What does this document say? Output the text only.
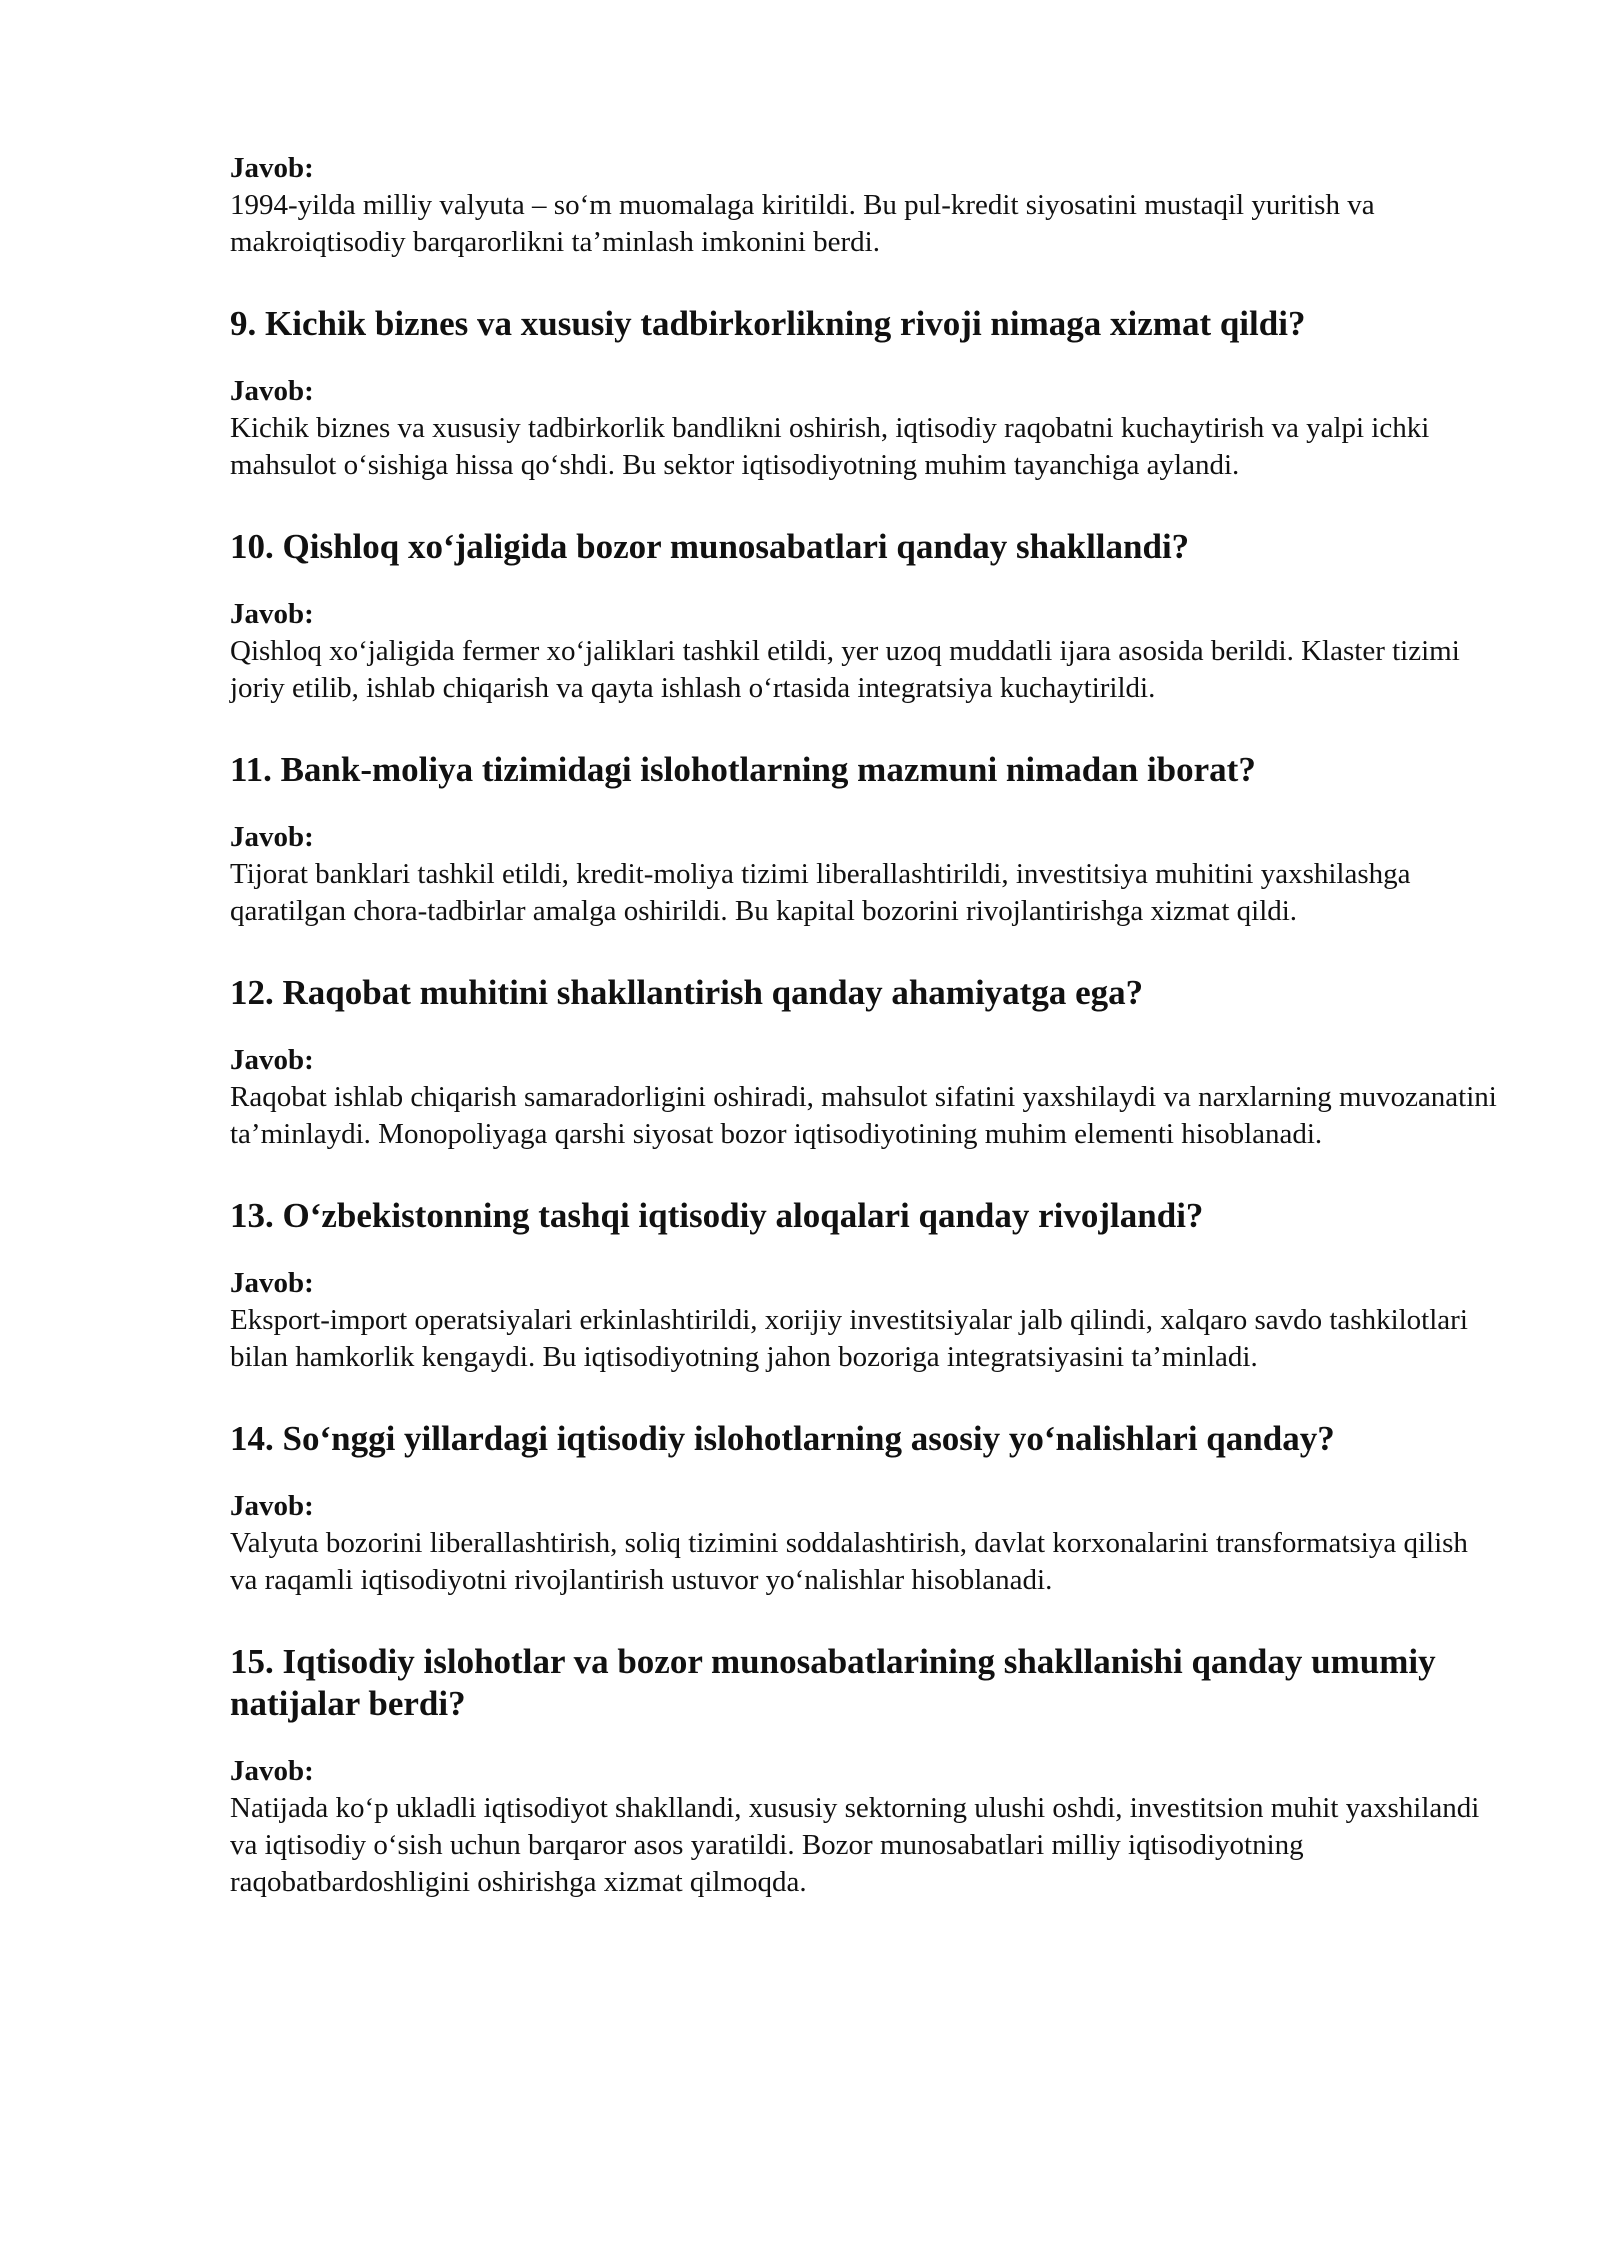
Javob:

1994-yilda milliy valyuta – so‘m muomalaga kiritildi. Bu pul-kredit siyosatini mustaqil yuritish va makroiqtisodiy barqarorlikni ta’minlash imkonini berdi.

9. Kichik biznes va xususiy tadbirkorlikning rivoji nimaga xizmat qildi?

Javob:

Kichik biznes va xususiy tadbirkorlik bandlikni oshirish, iqtisodiy raqobatni kuchaytirish va yalpi ichki mahsulot o‘sishiga hissa qo‘shdi. Bu sektor iqtisodiyotning muhim tayanchiga aylandi.

10. Qishloq xo‘jaligida bozor munosabatlari qanday shakllandi?

Javob:

Qishloq xo‘jaligida fermer xo‘jaliklari tashkil etildi, yer uzoq muddatli ijara asosida berildi. Klaster tizimi joriy etilib, ishlab chiqarish va qayta ishlash o‘rtasida integratsiya kuchaytirildi.

11. Bank-moliya tizimidagi islohotlarning mazmuni nimadan iborat?

Javob:

Tijorat banklari tashkil etildi, kredit-moliya tizimi liberallashtirildi, investitsiya muhitini yaxshilashga qaratilgan chora-tadbirlar amalga oshirildi. Bu kapital bozorini rivojlantirishga xizmat qildi.

12. Raqobat muhitini shakllantirish qanday ahamiyatga ega?

Javob:

Raqobat ishlab chiqarish samaradorligini oshiradi, mahsulot sifatini yaxshilaydi va narxlarning muvozanatini ta’minlaydi. Monopoliyaga qarshi siyosat bozor iqtisodiyotining muhim elementi hisoblanadi.

13. O‘zbekistonning tashqi iqtisodiy aloqalari qanday rivojlandi?

Javob:

Eksport-import operatsiyalari erkinlashtirildi, xorijiy investitsiyalar jalb qilindi, xalqaro savdo tashkilotlari bilan hamkorlik kengaydi. Bu iqtisodiyotning jahon bozoriga integratsiyasini ta’minladi.

14. So‘nggi yillardagi iqtisodiy islohotlarning asosiy yo‘nalishlari qanday?

Javob:

Valyuta bozorini liberallashtirish, soliq tizimini soddalashtirish, davlat korxonalarini transformatsiya qilish va raqamli iqtisodiyotni rivojlantirish ustuvor yo‘nalishlar hisoblanadi.

15. Iqtisodiy islohotlar va bozor munosabatlarining shakllanishi qanday umumiy natijalar berdi?

Javob:

Natijada ko‘p ukladli iqtisodiyot shakllandi, xususiy sektorning ulushi oshdi, investitsion muhit yaxshilandi va iqtisodiy o‘sish uchun barqaror asos yaratildi. Bozor munosabatlari milliy iqtisodiyotning raqobatbardoshligini oshirishga xizmat qilmoqda.
